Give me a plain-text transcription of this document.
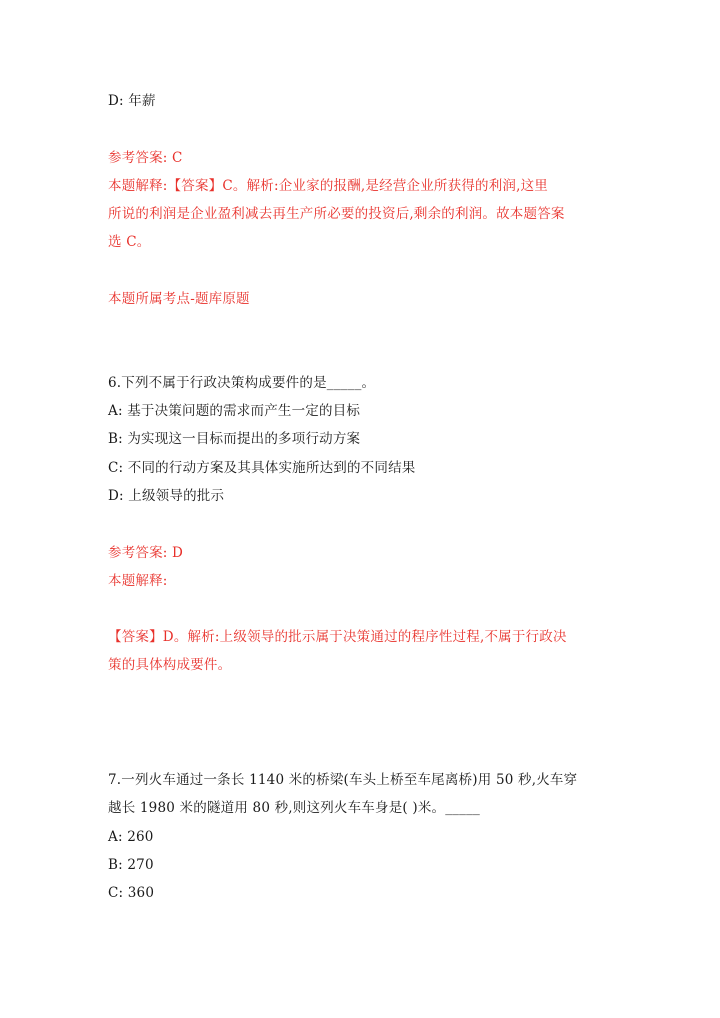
D: 年薪
参考答案: C
本题解释:【答案】C。解析:企业家的报酬,是经营企业所获得的利润,这里
所说的利润是企业盈利减去再生产所必要的投资后,剩余的利润。故本题答案
选 C。
本题所属考点-题库原题
6.下列不属于行政决策构成要件的是_____。
A: 基于决策问题的需求而产生一定的目标
B: 为实现这一目标而提出的多项行动方案
C: 不同的行动方案及其具体实施所达到的不同结果
D: 上级领导的批示
参考答案: D
本题解释:
【答案】D。解析:上级领导的批示属于决策通过的程序性过程,不属于行政决
策的具体构成要件。
7.一列火车通过一条长 1140 米的桥梁(车头上桥至车尾离桥)用 50 秒,火车穿
越长 1980 米的隧道用 80 秒,则这列火车车身是( )米。_____
A: 260
B: 270
C: 360
